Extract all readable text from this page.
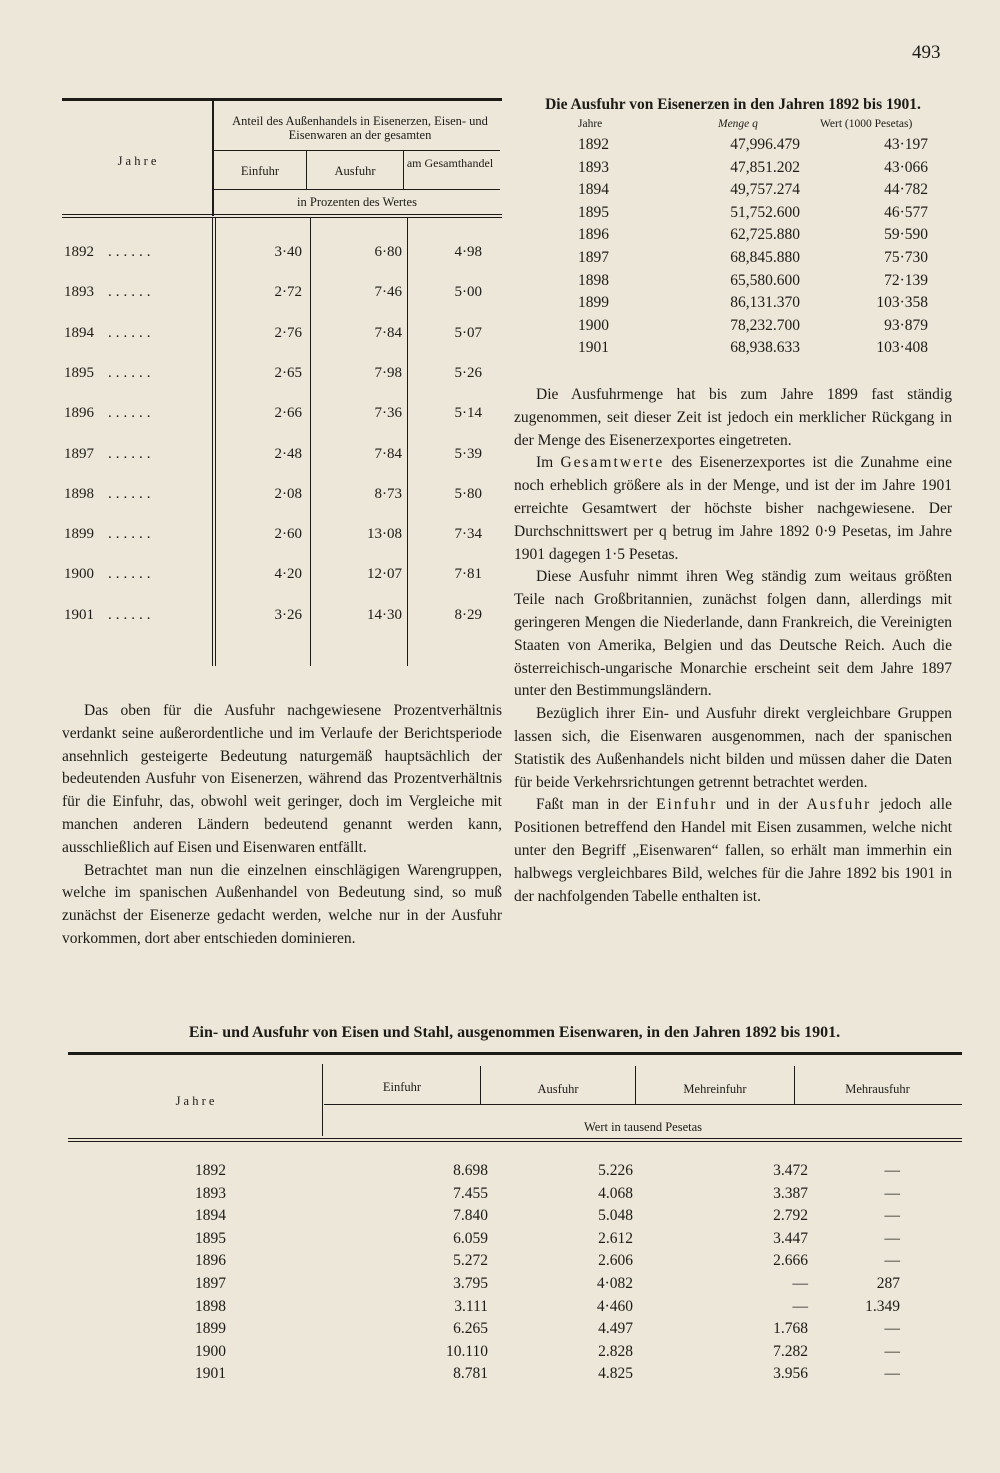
493
J a h r e
Anteil des Außenhandels in Eisenerzen, Eisen- und Eisenwaren an der gesamten
Einfuhr	Ausfuhr
am Gesamthandel
in Prozenten des Wertes
1892 ......	3·40	6·80	4·98
1893 ......	2·72	7·46	5·00
1894 ......	2·76	7·84	5·07
1895 ......	2·65	7·98	5·26
1896 ......	2·66	7·36	5·14
1897 ......	2·48	7·84	5·39
1898 ......	2·08	8·73	5·80
1899 ......	2·60	13·08	7·34
1900 ......	4·20	12·07	7·81
1901 ......	3·26	14·30	8·29

Das oben für die Ausfuhr nachgewiesene Prozentverhältnis verdankt seine außerordentliche und im Verlaufe der Berichtsperiode ansehnlich gesteigerte Bedeutung naturgemäß hauptsächlich der bedeutenden Ausfuhr von Eisenerzen, während das Prozentverhältnis für die Einfuhr, das, obwohl weit geringer, doch im Vergleiche mit manchen anderen Ländern bedeutend genannt werden kann, ausschließlich auf Eisen und Eisenwaren entfällt.

Betrachtet man nun die einzelnen einschlägigen Warengruppen, welche im spanischen Außenhandel von Bedeutung sind, so muß zunächst der Eisenerze gedacht werden, welche nur in der Ausfuhr vorkommen, dort aber entschieden dominieren.

Die Ausfuhr von Eisenerzen in den Jahren 1892 bis 1901.
Jahre	Menge q	Wert (1000 Pesetas)
1892	47,996.479	43·197
1893	47,851.202	43·066
1894	49,757.274	44·782
1895	51,752.600	46·577
1896	62,725.880	59·590
1897	68,845.880	75·730
1898	65,580.600	72·139
1899	86,131.370	103·358
1900	78,232.700	93·879
1901	68,938.633	103·408

Die Ausfuhrmenge hat bis zum Jahre 1899 fast ständig zugenommen, seit dieser Zeit ist jedoch ein merklicher Rückgang in der Menge des Eisenerzexportes eingetreten.

Im Gesamtwerte des Eisenerzexportes ist die Zunahme eine noch erheblich größere als in der Menge, und ist der im Jahre 1901 erreichte Gesamtwert der höchste bisher nachgewiesene. Der Durchschnittswert per q betrug im Jahre 1892 0·9 Pesetas, im Jahre 1901 dagegen 1·5 Pesetas.

Diese Ausfuhr nimmt ihren Weg ständig zum weitaus größten Teile nach Großbritannien, zunächst folgen dann, allerdings mit geringeren Mengen die Niederlande, dann Frankreich, die Vereinigten Staaten von Amerika, Belgien und das Deutsche Reich. Auch die österreichisch-ungarische Monarchie erscheint seit dem Jahre 1897 unter den Bestimmungsländern.

Bezüglich ihrer Ein- und Ausfuhr direkt vergleichbare Gruppen lassen sich, die Eisenwaren ausgenommen, nach der spanischen Statistik des Außenhandels nicht bilden und müssen daher die Daten für beide Verkehrsrichtungen getrennt betrachtet werden.

Faßt man in der Einfuhr und in der Ausfuhr jedoch alle Positionen betreffend den Handel mit Eisen zusammen, welche nicht unter den Begriff „Eisenwaren“ fallen, so erhält man immerhin ein halbwegs vergleichbares Bild, welches für die Jahre 1892 bis 1901 in der nachfolgenden Tabelle enthalten ist.

Ein- und Ausfuhr von Eisen und Stahl, ausgenommen Eisenwaren, in den Jahren 1892 bis 1901.
J a h r e
Einfuhr	Ausfuhr	Mehreinfuhr	Mehrausfuhr
Wert in tausend Pesetas
1892	8.698	5.226	3.472	—
1893	7.455	4.068	3.387	—
1894	7.840	5.048	2.792	—
1895	6.059	2.612	3.447	—
1896	5.272	2.606	2.666	—
1897	3.795	4·082	—	287
1898	3.111	4·460	—	1.349
1899	6.265	4.497	1.768	—
1900	10.110	2.828	7.282	—
1901	8.781	4.825	3.956	—
